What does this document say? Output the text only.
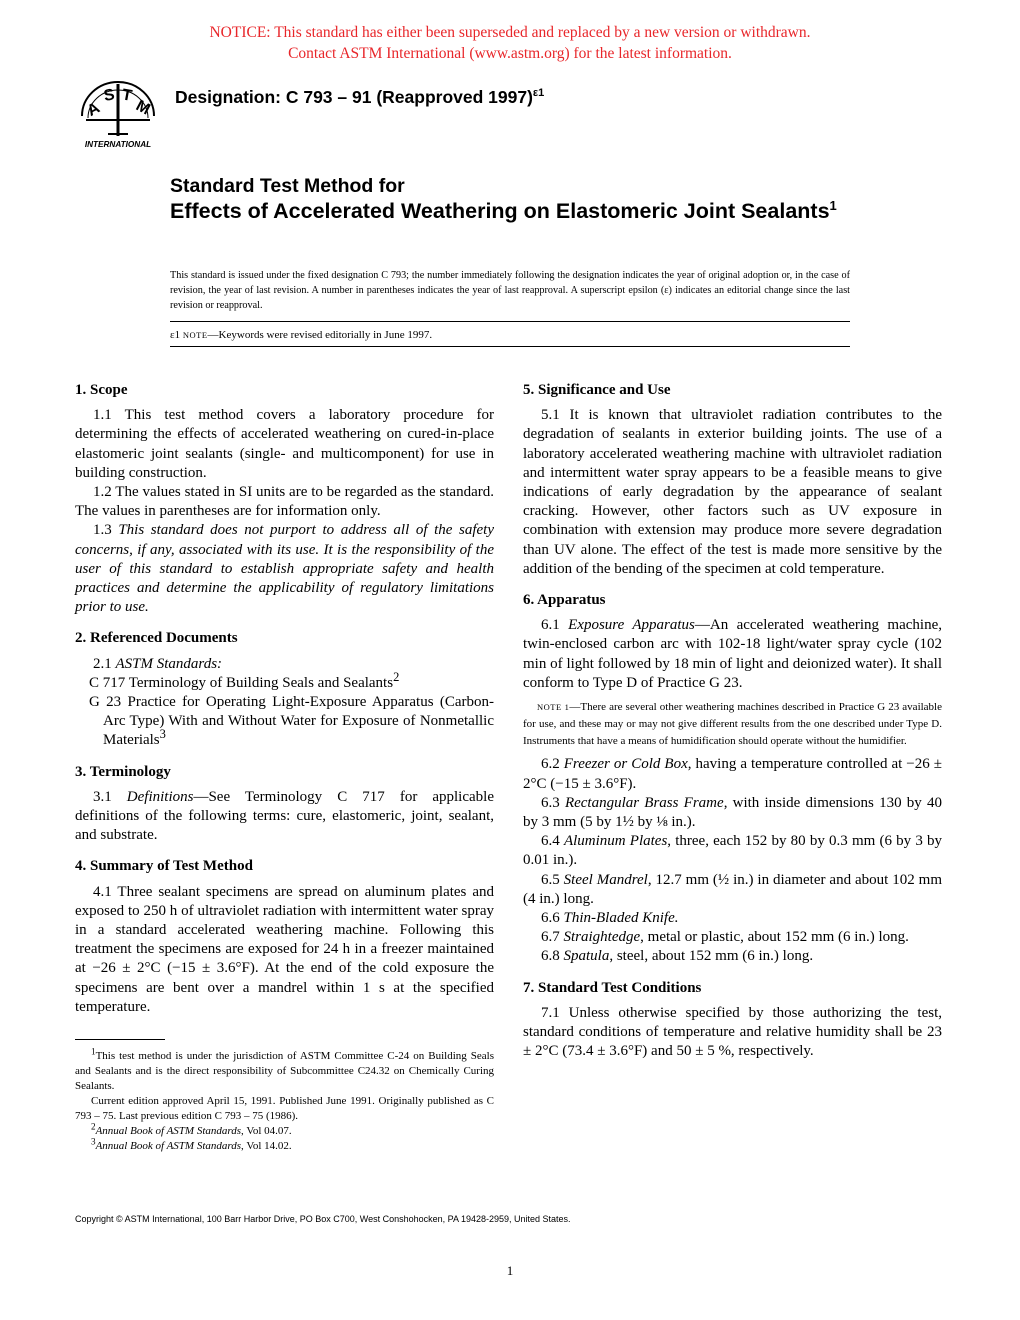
NOTICE: This standard has either been superseded and replaced by a new version or withdrawn.
Contact ASTM International (www.astm.org) for the latest information.
A
S T
M
INTERNATIONAL
Designation: C 793 – 91 (Reapproved 1997)$^{\varepsilon 1}$
Standard Test Method for
Effects of Accelerated Weathering on Elastomeric Joint Sealants$^1$
This standard is issued under the fixed designation C 793; the number immediately following the designation indicates the year of original adoption or, in the case of revision, the year of last revision. A number in parentheses indicates the year of last reapproval. A superscript epsilon (ε) indicates an editorial change since the last revision or reapproval.
ε1 NOTE—Keywords were revised editorially in June 1997.
1. Scope

1.1 This test method covers a laboratory procedure for determining the effects of accelerated weathering on cured-in-place elastomeric joint sealants (single- and multicomponent) for use in building construction.

1.2 The values stated in SI units are to be regarded as the standard. The values in parentheses are for information only.

1.3 This standard does not purport to address all of the safety concerns, if any, associated with its use. It is the responsibility of the user of this standard to establish appropriate safety and health practices and determine the applicability of regulatory limitations prior to use.

2. Referenced Documents

2.1 ASTM Standards:

C 717 Terminology of Building Seals and Sealants$^2$

G 23 Practice for Operating Light-Exposure Apparatus (Carbon-Arc Type) With and Without Water for Exposure of Nonmetallic Materials$^3$

3. Terminology

3.1 Definitions—See Terminology C 717 for applicable definitions of the following terms: cure, elastomeric, joint, sealant, and substrate.

4. Summary of Test Method

4.1 Three sealant specimens are spread on aluminum plates and exposed to 250 h of ultraviolet radiation with intermittent water spray in a standard accelerated weathering machine. Following this treatment the specimens are exposed for 24 h in a freezer maintained at −26 ± 2°C (−15 ± 3.6°F). At the end of the cold exposure the specimens are bent over a mandrel within 1 s at the specified temperature.

$^1$This test method is under the jurisdiction of ASTM Committee C-24 on Building Seals and Sealants and is the direct responsibility of Subcommittee C24.32 on Chemically Curing Sealants.

Current edition approved April 15, 1991. Published June 1991. Originally published as C 793 – 75. Last previous edition C 793 – 75 (1986).

$^2$Annual Book of ASTM Standards, Vol 04.07.

$^3$Annual Book of ASTM Standards, Vol 14.02.

5. Significance and Use

5.1 It is known that ultraviolet radiation contributes to the degradation of sealants in exterior building joints. The use of a laboratory accelerated weathering machine with ultraviolet radiation and intermittent water spray appears to be a feasible means to give indications of early degradation by the appearance of sealant cracking. However, other factors such as UV exposure in combination with extension may produce more severe degradation than UV alone. The effect of the test is made more sensitive by the addition of the bending of the specimen at cold temperature.

6. Apparatus

6.1 Exposure Apparatus—An accelerated weathering machine, twin-enclosed carbon arc with 102-18 light/water spray cycle (102 min of light followed by 18 min of light and deionized water). It shall conform to Type D of Practice G 23.

NOTE 1—There are several other weathering machines described in Practice G 23 available for use, and these may or may not give different results from the one described under Type D. Instruments that have a means of humidification should operate without the humidifier.

6.2 Freezer or Cold Box, having a temperature controlled at −26 ± 2°C (−15 ± 3.6°F).

6.3 Rectangular Brass Frame, with inside dimensions 130 by 40 by 3 mm (5 by 1½ by ⅛ in.).

6.4 Aluminum Plates, three, each 152 by 80 by 0.3 mm (6 by 3 by 0.01 in.).

6.5 Steel Mandrel, 12.7 mm (½ in.) in diameter and about 102 mm (4 in.) long.

6.6 Thin-Bladed Knife.

6.7 Straightedge, metal or plastic, about 152 mm (6 in.) long.

6.8 Spatula, steel, about 152 mm (6 in.) long.

7. Standard Test Conditions

7.1 Unless otherwise specified by those authorizing the test, standard conditions of temperature and relative humidity shall be 23 ± 2°C (73.4 ± 3.6°F) and 50 ± 5 %, respectively.

Copyright © ASTM International, 100 Barr Harbor Drive, PO Box C700, West Conshohocken, PA 19428-2959, United States.
1
